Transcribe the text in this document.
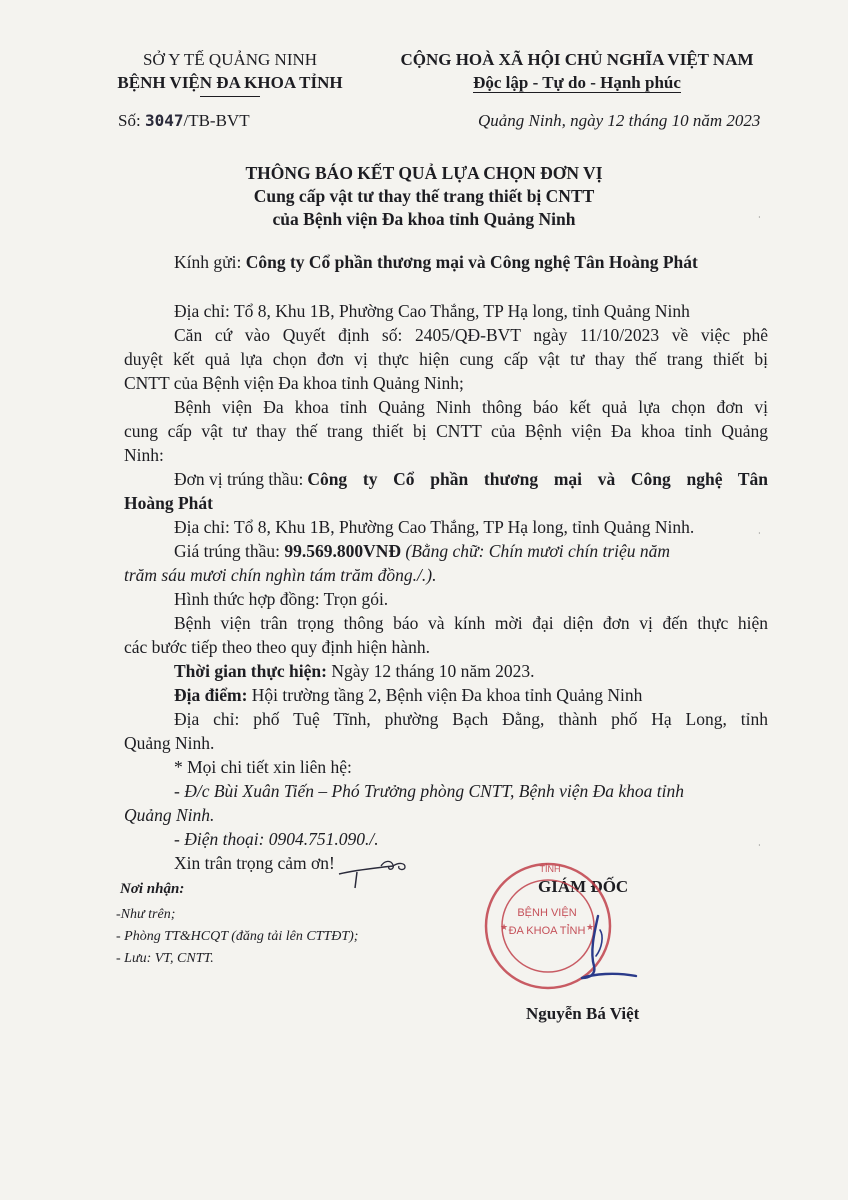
SỞ Y TẾ QUẢNG NINH
BỆNH VIỆN ĐA KHOA TỈNH
Số: 3047/TB-BVT
CỘNG HOÀ XÃ HỘI CHỦ NGHĨA VIỆT NAM
Độc lập - Tự do - Hạnh phúc
Quảng Ninh, ngày 12 tháng 10 năm 2023
THÔNG BÁO KẾT QUẢ LỰA CHỌN ĐƠN VỊ
Cung cấp vật tư thay thế trang thiết bị CNTT
của Bệnh viện Đa khoa tỉnh Quảng Ninh
Kính gửi: Công ty Cổ phần thương mại và Công nghệ Tân Hoàng Phát
Địa chỉ: Tổ 8, Khu 1B, Phường Cao Thắng, TP Hạ long, tỉnh Quảng Ninh
Căn cứ vào Quyết định số: 2405/QĐ-BVT ngày 11/10/2023 về việc phê
duyệt kết quả lựa chọn đơn vị thực hiện cung cấp vật tư thay thế trang thiết bị
CNTT của Bệnh viện Đa khoa tỉnh Quảng Ninh;
Bệnh viện Đa khoa tỉnh Quảng Ninh thông báo kết quả lựa chọn đơn vị
cung cấp vật tư thay thế trang thiết bị CNTT của Bệnh viện Đa khoa tỉnh Quảng
Ninh:
Đơn vị trúng thầu: Công ty Cổ phần thương mại và Công nghệ Tân
Hoàng Phát
Địa chỉ: Tổ 8, Khu 1B, Phường Cao Thắng, TP Hạ long, tỉnh Quảng Ninh.
Giá trúng thầu: 99.569.800VNĐ (Bằng chữ: Chín mươi chín triệu năm
trăm sáu mươi chín nghìn tám trăm đồng./.).
Hình thức hợp đồng: Trọn gói.
Bệnh viện trân trọng thông báo và kính mời đại diện đơn vị đến thực hiện
các bước tiếp theo theo quy định hiện hành.
Thời gian thực hiện: Ngày 12 tháng 10 năm 2023.
Địa điểm: Hội trường tầng 2, Bệnh viện Đa khoa tỉnh Quảng Ninh
Địa chỉ: phố Tuệ Tĩnh, phường Bạch Đằng, thành phố Hạ Long, tỉnh
Quảng Ninh.
* Mọi chi tiết xin liên hệ:
- Đ/c Bùi Xuân Tiến – Phó Trưởng phòng CNTT, Bệnh viện Đa khoa tỉnh
Quảng Ninh.
- Điện thoại: 0904.751.090./.
Xin trân trọng cảm ơn!
Nơi nhận:
-Như trên;
- Phòng TT&HCQT (đăng tải lên CTTĐT);
- Lưu: VT, CNTT.
GIÁM ĐỐC
★	★
TỈNH
BỆNH VIỆN
ĐA KHOA TỈNH
Nguyễn Bá Việt
·
·
·
